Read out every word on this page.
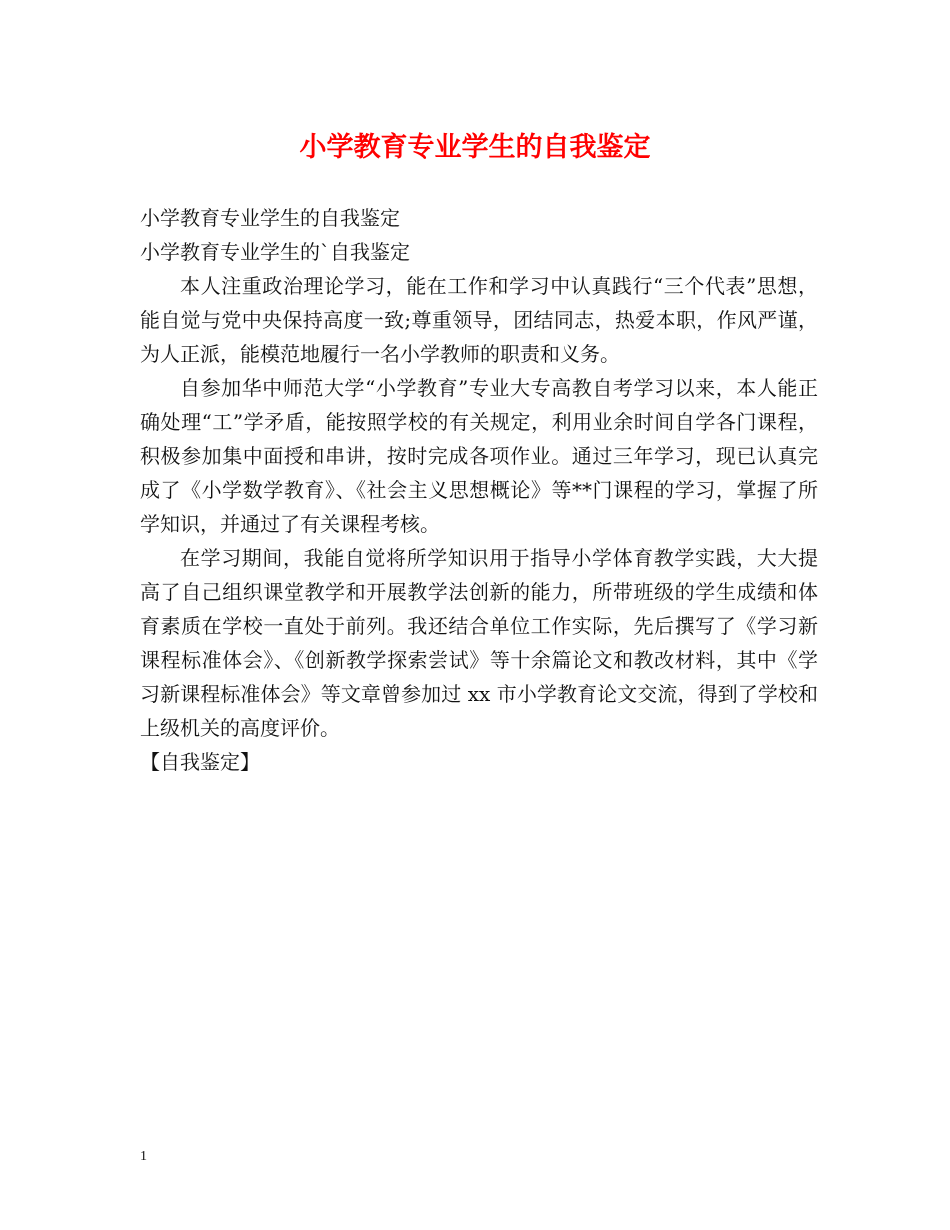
小学教育专业学生的自我鉴定

小学教育专业学生的自我鉴定

小学教育专业学生的`自我鉴定

本人注重政治理论学习，能在工作和学习中认真践行“三个代表”思想，能自觉与党中央保持高度一致;尊重领导，团结同志，热爱本职，作风严谨，为人正派，能模范地履行一名小学教师的职责和义务。

自参加华中师范大学“小学教育”专业大专高教自考学习以来，本人能正确处理“工”学矛盾，能按照学校的有关规定，利用业余时间自学各门课程，积极参加集中面授和串讲，按时完成各项作业。通过三年学习，现已认真完成了《小学数学教育》、《社会主义思想概论》等**门课程的学习，掌握了所学知识，并通过了有关课程考核。

在学习期间，我能自觉将所学知识用于指导小学体育教学实践，大大提高了自己组织课堂教学和开展教学法创新的能力，所带班级的学生成绩和体育素质在学校一直处于前列。我还结合单位工作实际，先后撰写了《学习新课程标准体会》、《创新教学探索尝试》等十余篇论文和教改材料，其中《学习新课程标准体会》等文章曾参加过 xx 市小学教育论文交流，得到了学校和上级机关的高度评价。

【自我鉴定】

1
